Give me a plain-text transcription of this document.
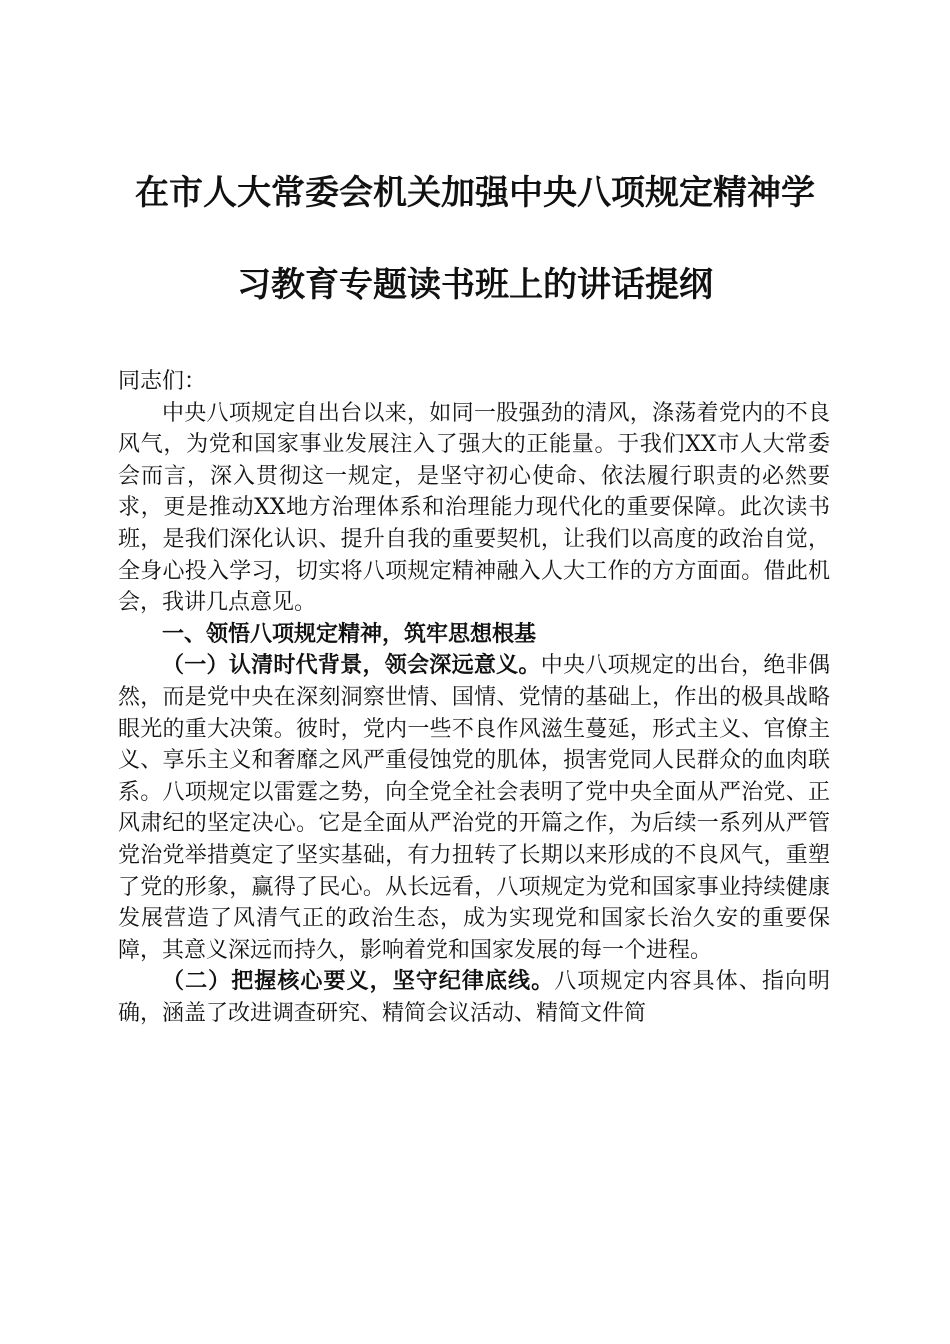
在市人大常委会机关加强中央八项规定精神学
习教育专题读书班上的讲话提纲

同志们：

中央八项规定自出台以来，如同一股强劲的清风，涤荡着党内的不良风气，为党和国家事业发展注入了强大的正能量。于我们XX市人大常委会而言，深入贯彻这一规定，是坚守初心使命、依法履行职责的必然要求，更是推动XX地方治理体系和治理能力现代化的重要保障。此次读书班，是我们深化认识、提升自我的重要契机，让我们以高度的政治自觉，全身心投入学习，切实将八项规定精神融入人大工作的方方面面。借此机会，我讲几点意见。

一、领悟八项规定精神，筑牢思想根基

（一）认清时代背景，领会深远意义。中央八项规定的出台，绝非偶然，而是党中央在深刻洞察世情、国情、党情的基础上，作出的极具战略眼光的重大决策。彼时，党内一些不良作风滋生蔓延，形式主义、官僚主义、享乐主义和奢靡之风严重侵蚀党的肌体，损害党同人民群众的血肉联系。八项规定以雷霆之势，向全党全社会表明了党中央全面从严治党、正风肃纪的坚定决心。它是全面从严治党的开篇之作，为后续一系列从严管党治党举措奠定了坚实基础，有力扭转了长期以来形成的不良风气，重塑了党的形象，赢得了民心。从长远看，八项规定为党和国家事业持续健康发展营造了风清气正的政治生态，成为实现党和国家长治久安的重要保障，其意义深远而持久，影响着党和国家发展的每一个进程。

（二）把握核心要义，坚守纪律底线。八项规定内容具体、指向明确，涵盖了改进调查研究、精简会议活动、精简文件简
